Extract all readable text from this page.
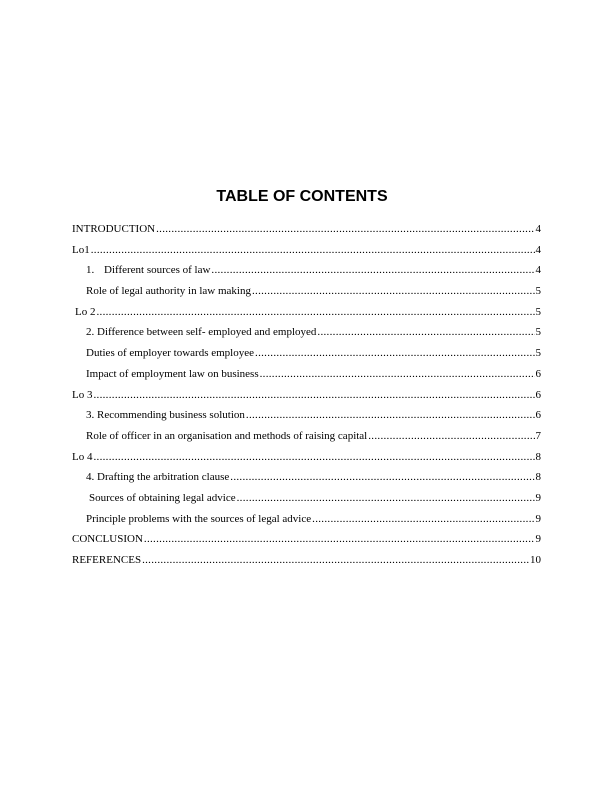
TABLE OF CONTENTS
INTRODUCTION .....	4
Lo1 .....	4
1. Different sources of law .....	4
Role of legal authority in law making .....	5
Lo 2 .....	5
2. Difference between self- employed and employed .....	5
Duties of employer towards employee .....	5
Impact of employment law on business .....	6
Lo 3 .....	6
3. Recommending business solution .....	6
Role of officer in an organisation and methods of raising capital .....	7
Lo 4 .....	8
4. Drafting the arbitration clause .....	8
Sources of obtaining legal advice .....	9
Principle problems with the sources of legal advice .....	9
CONCLUSION .....	9
REFERENCES .....	10
